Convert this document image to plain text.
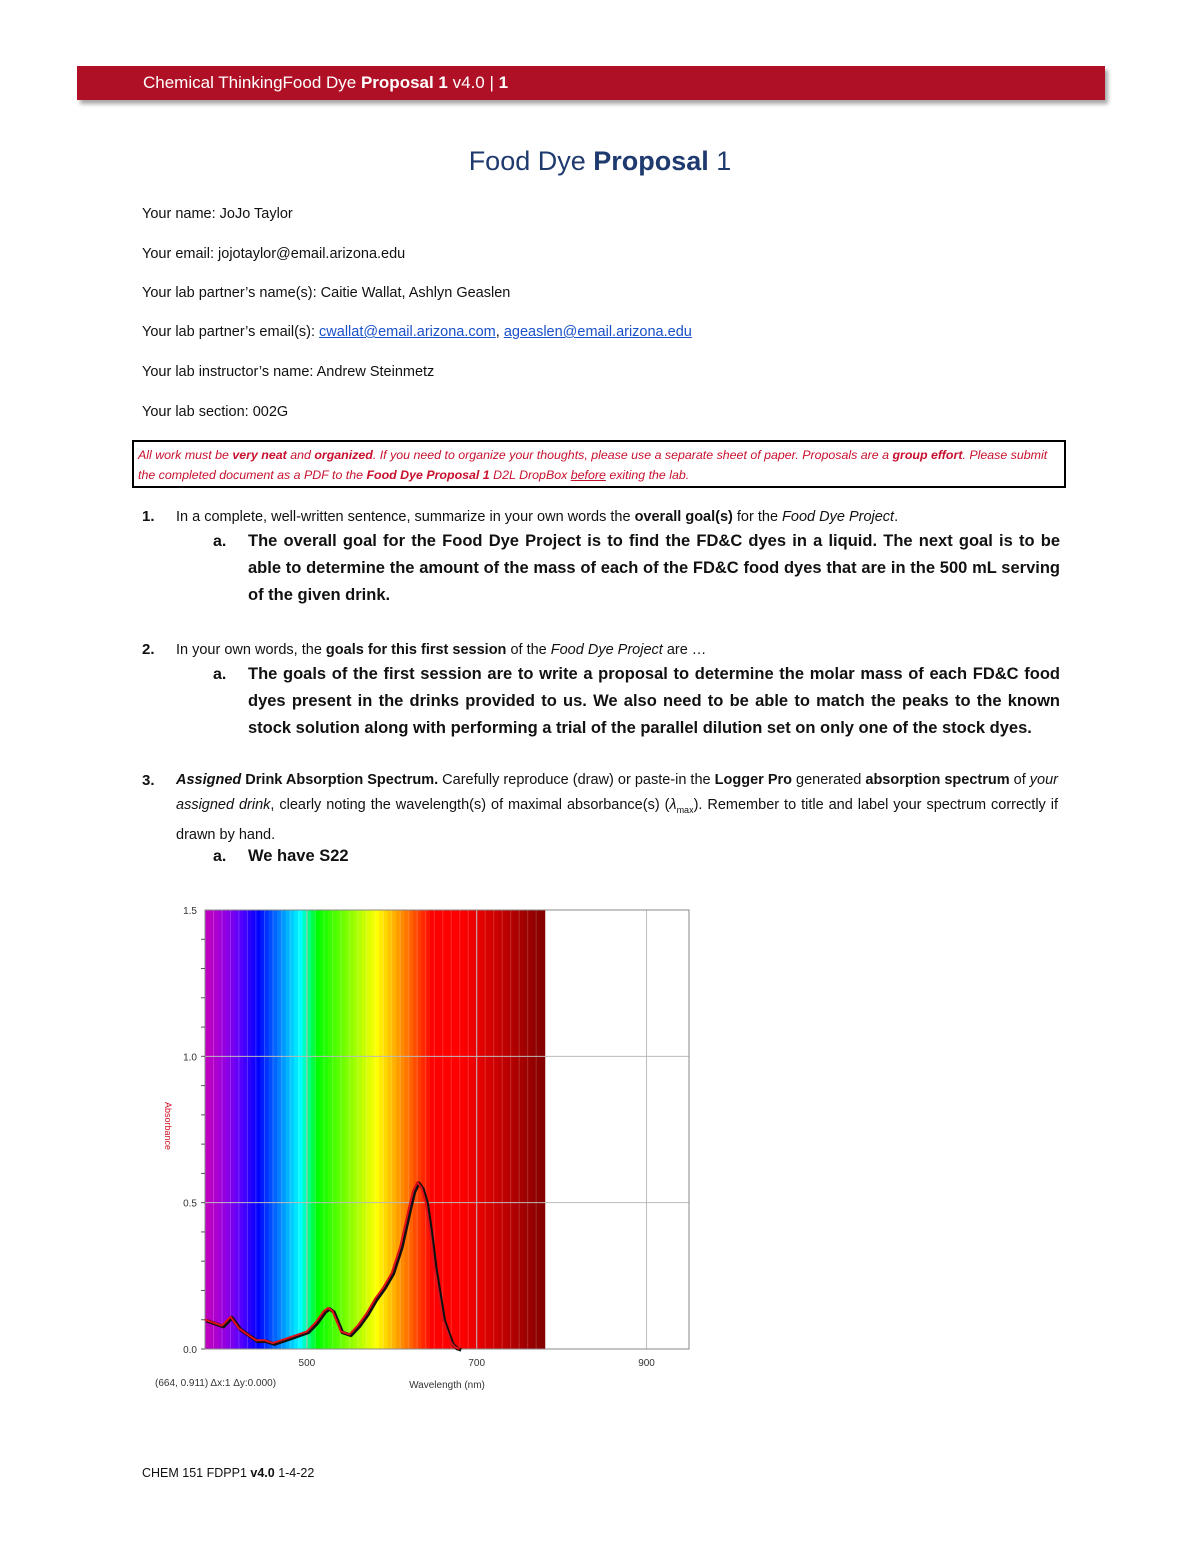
Chemical ThinkingFood Dye Proposal 1 v4.0 | 1
Food Dye Proposal 1
Your name: JoJo Taylor
Your email: jojotaylor@email.arizona.edu
Your lab partner’s name(s): Caitie Wallat, Ashlyn Geaslen
Your lab partner’s email(s): cwallat@email.arizona.com, ageaslen@email.arizona.edu
Your lab instructor’s name: Andrew Steinmetz
Your lab section: 002G
All work must be very neat and organized. If you need to organize your thoughts, please use a separate sheet of paper. Proposals are a group effort. Please submit the completed document as a PDF to the Food Dye Proposal 1 D2L DropBox before exiting the lab.
1. In a complete, well-written sentence, summarize in your own words the overall goal(s) for the Food Dye Project.
a. The overall goal for the Food Dye Project is to find the FD&C dyes in a liquid. The next goal is to be able to determine the amount of the mass of each of the FD&C food dyes that are in the 500 mL serving of the given drink.
2. In your own words, the goals for this first session of the Food Dye Project are …
a. The goals of the first session are to write a proposal to determine the molar mass of each FD&C food dyes present in the drinks provided to us. We also need to be able to match the peaks to the known stock solution along with performing a trial of the parallel dilution set on only one of the stock dyes.
3. Assigned Drink Absorption Spectrum. Carefully reproduce (draw) or paste-in the Logger Pro generated absorption spectrum of your assigned drink, clearly noting the wavelength(s) of maximal absorbance(s) $(\lambda_{max})$. Remember to title and label your spectrum correctly if drawn by hand.
a. We have S22
0.0
0.5
1.0
1.5
500	700	900
Absorbance
Wavelength (nm)
(664, 0.911) Δx:1 Δy:0.000)
CHEM 151 FDPP1 v4.0 1-4-22
